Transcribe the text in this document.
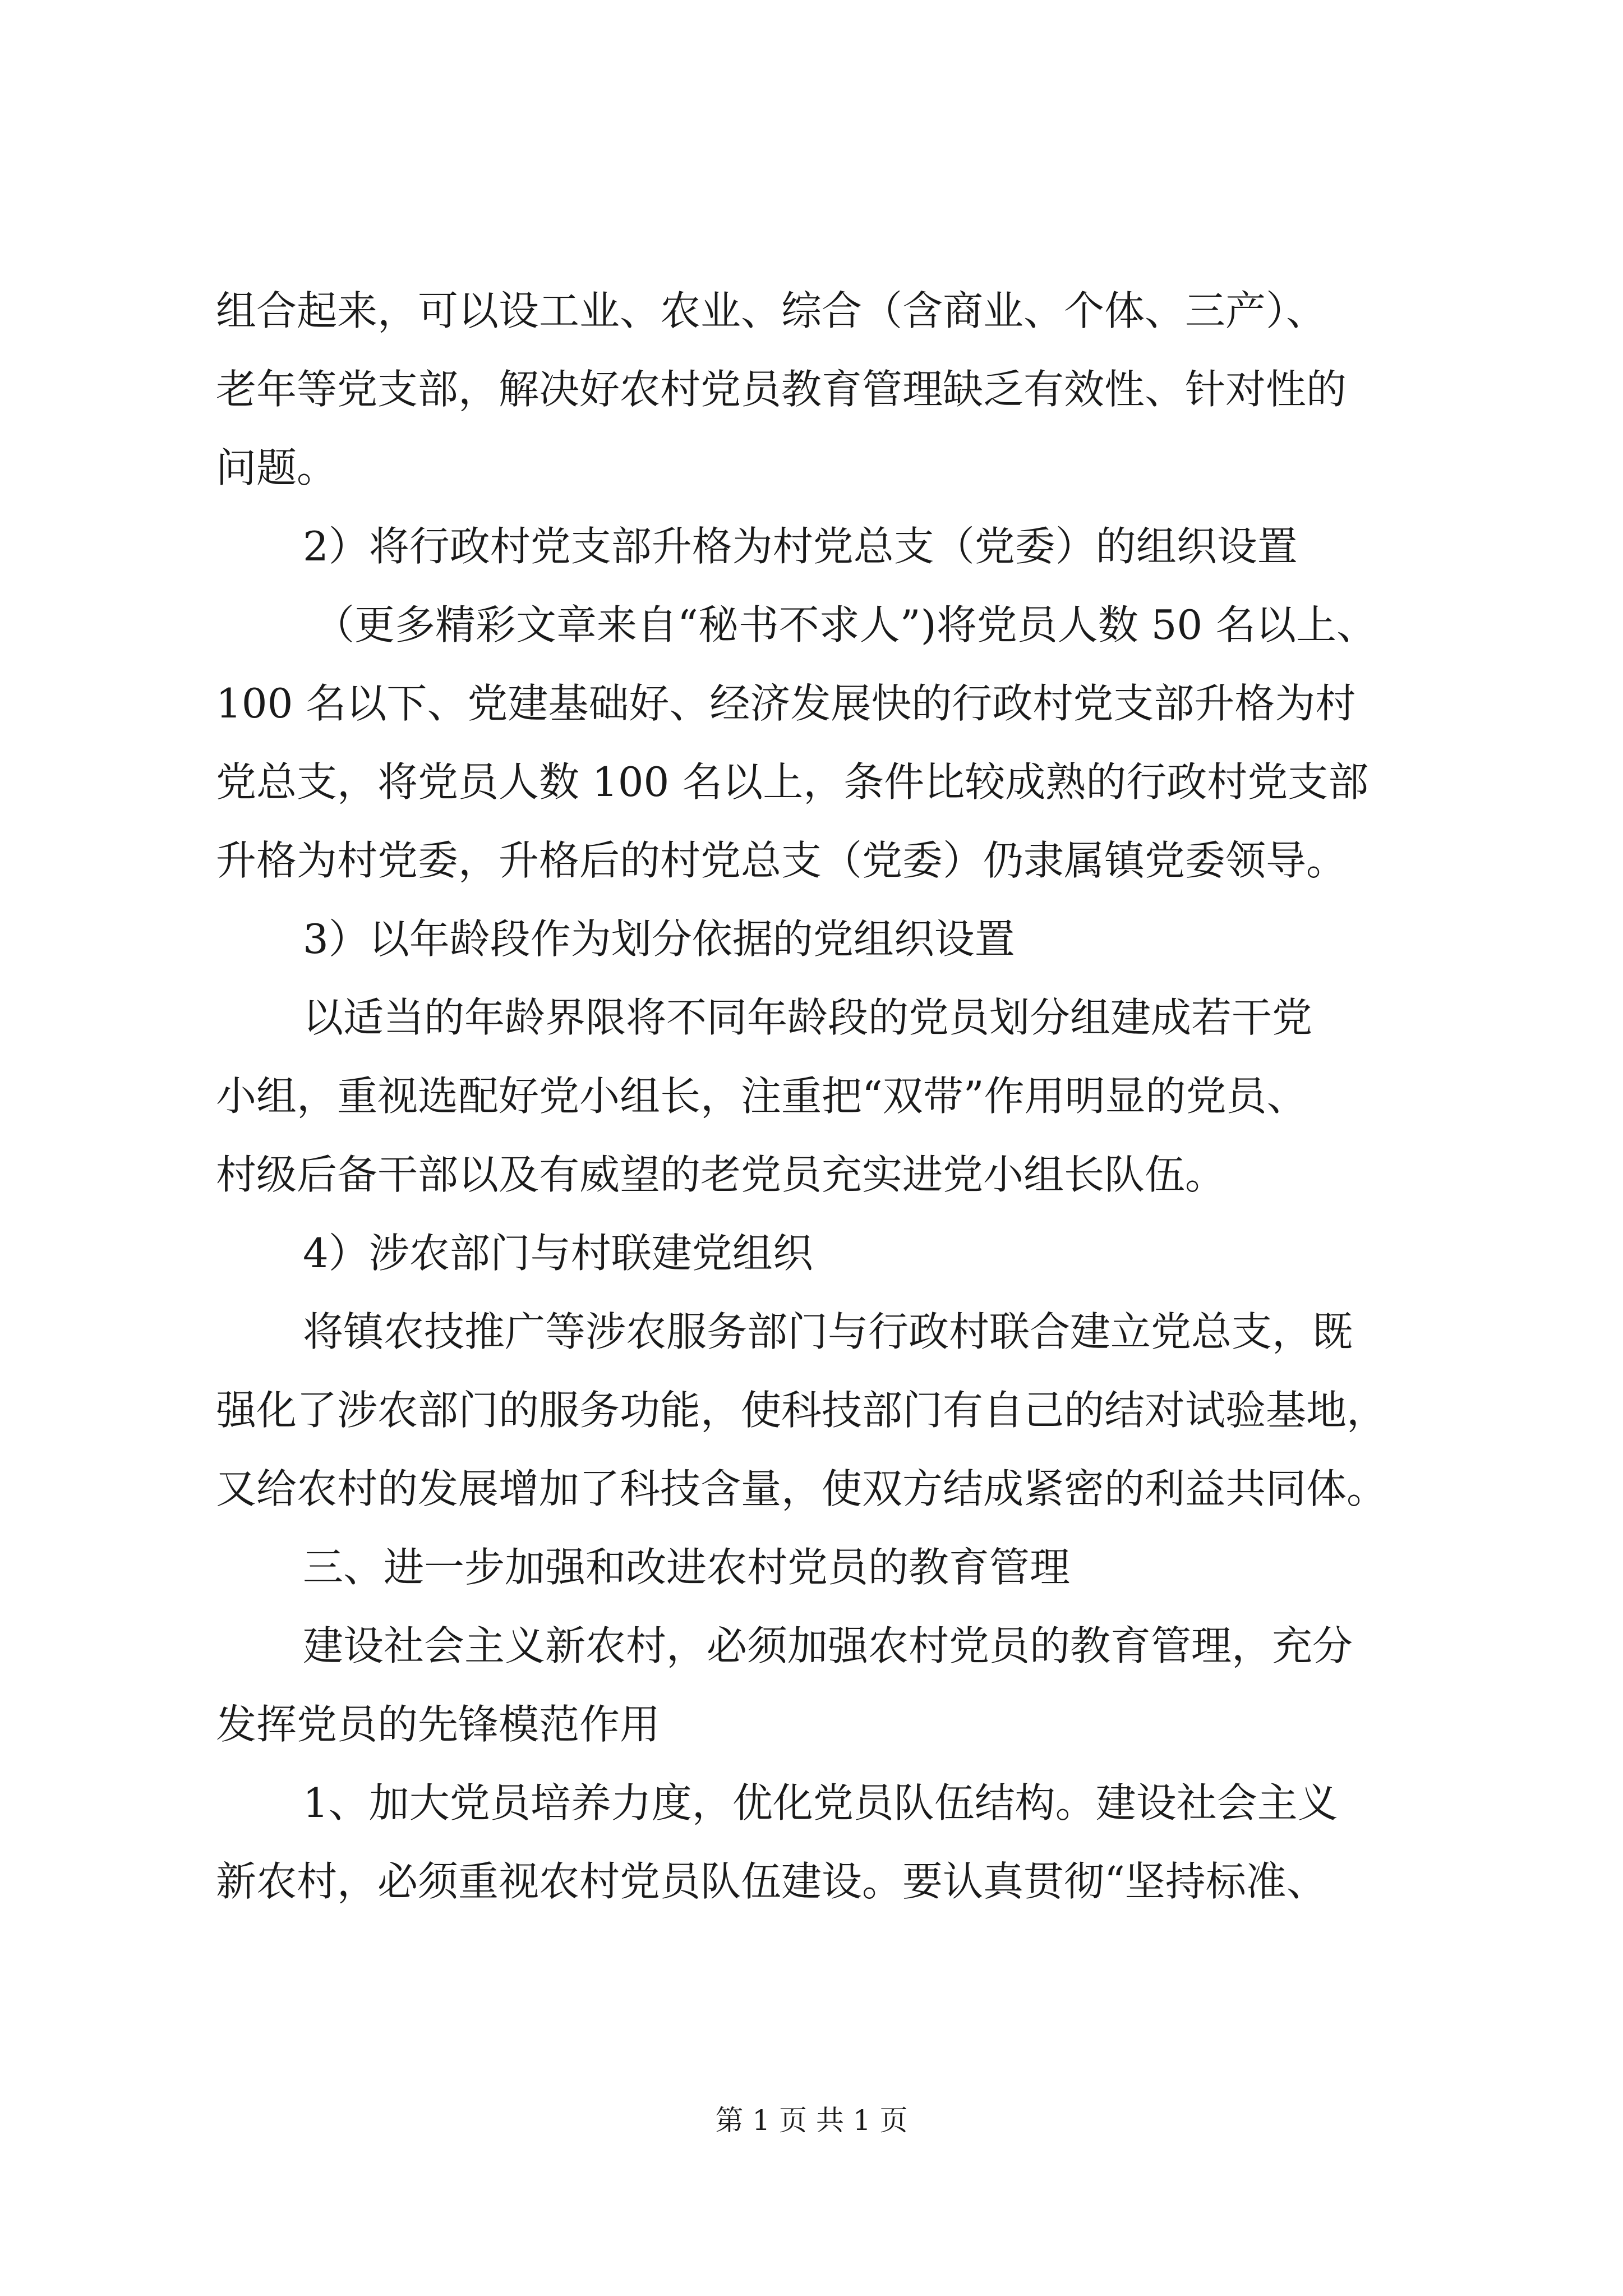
组合起来，可以设工业、农业、综合（含商业、个体、三产）、
老年等党支部，解决好农村党员教育管理缺乏有效性、针对性的
问题。
2）将行政村党支部升格为村党总支（党委）的组织设置
（更多精彩文章来自“秘书不求人”)将党员人数 50 名以上、
100 名以下、党建基础好、经济发展快的行政村党支部升格为村
党总支，将党员人数 100 名以上，条件比较成熟的行政村党支部
升格为村党委，升格后的村党总支（党委）仍隶属镇党委领导。
3）以年龄段作为划分依据的党组织设置
以适当的年龄界限将不同年龄段的党员划分组建成若干党
小组，重视选配好党小组长，注重把“双带”作用明显的党员、
村级后备干部以及有威望的老党员充实进党小组长队伍。
4）涉农部门与村联建党组织
将镇农技推广等涉农服务部门与行政村联合建立党总支，既
强化了涉农部门的服务功能，使科技部门有自己的结对试验基地，
又给农村的发展增加了科技含量，使双方结成紧密的利益共同体。
三、进一步加强和改进农村党员的教育管理
建设社会主义新农村，必须加强农村党员的教育管理，充分
发挥党员的先锋模范作用
1、加大党员培养力度，优化党员队伍结构。建设社会主义
新农村，必须重视农村党员队伍建设。要认真贯彻“坚持标准、
第 1 页 共 1 页
